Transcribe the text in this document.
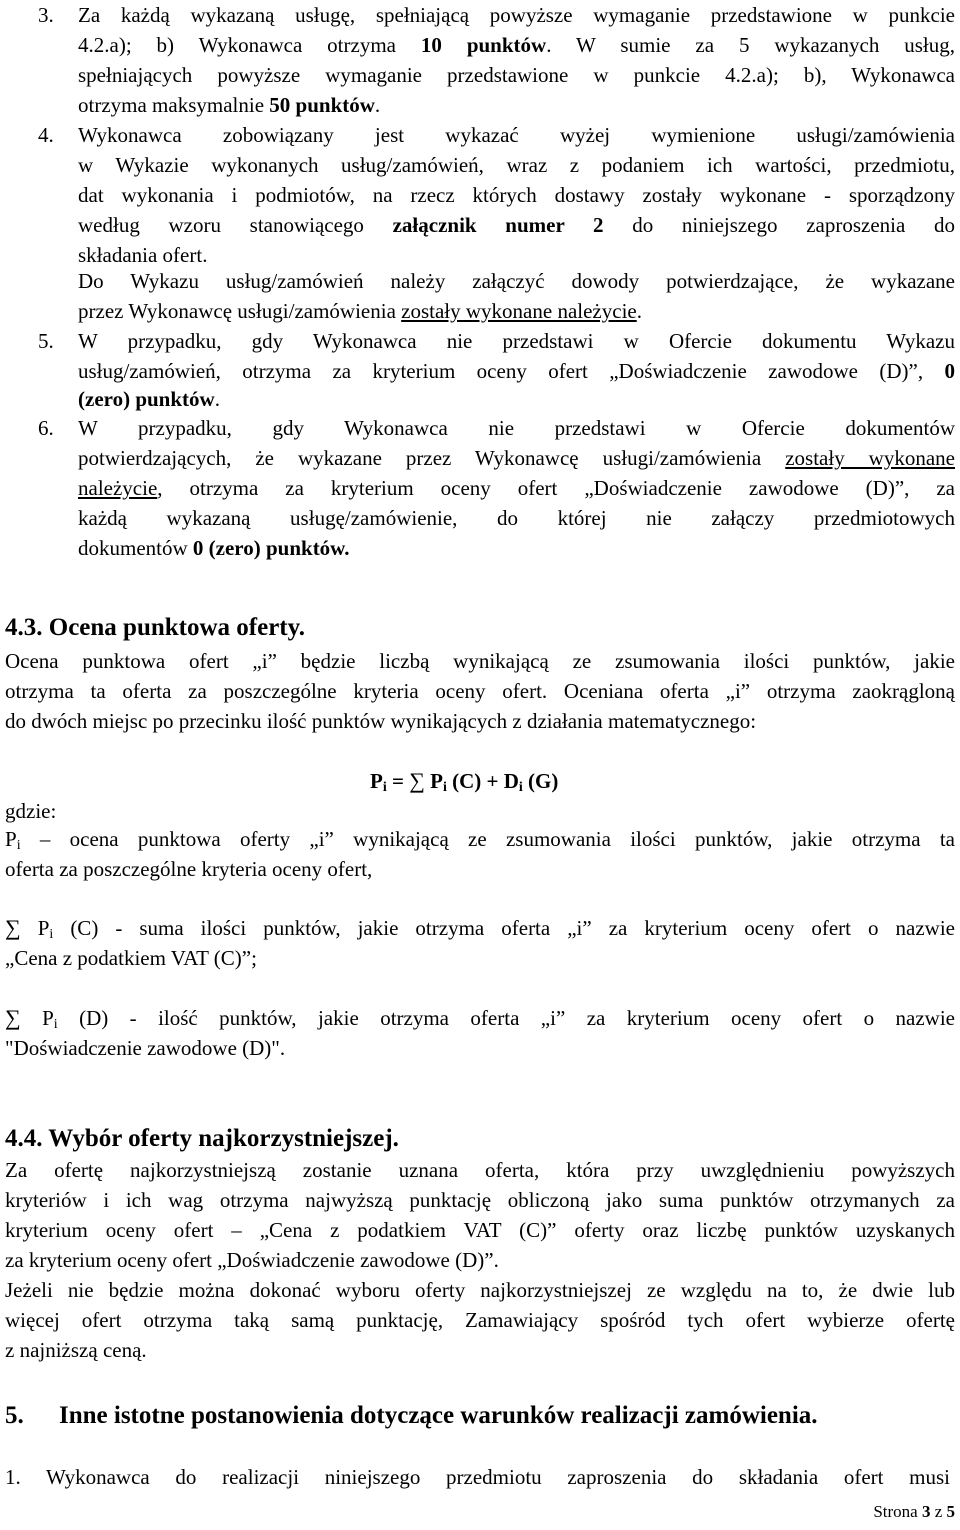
3. Za każdą wykazaną usługę, spełniającą powyższe wymaganie przedstawione w punkcie
4.2.a); b) Wykonawca otrzyma 10 punktów. W sumie za 5 wykazanych usług,
spełniających powyższe wymaganie przedstawione w punkcie 4.2.a); b), Wykonawca
otrzyma maksymalnie 50 punktów.
4. Wykonawca zobowiązany jest wykazać wyżej wymienione usługi/zamówienia
w Wykazie wykonanych usług/zamówień, wraz z podaniem ich wartości, przedmiotu,
dat wykonania i podmiotów, na rzecz których dostawy zostały wykonane - sporządzony
według wzoru stanowiącego załącznik numer 2 do niniejszego zaproszenia do
składania ofert.
Do Wykazu usług/zamówień należy załączyć dowody potwierdzające, że wykazane
przez Wykonawcę usługi/zamówienia zostały wykonane należycie.
5. W przypadku, gdy Wykonawca nie przedstawi w Ofercie dokumentu Wykazu
usług/zamówień, otrzyma za kryterium oceny ofert „Doświadczenie zawodowe (D)”, 0
(zero) punktów.
6. W przypadku, gdy Wykonawca nie przedstawi w Ofercie dokumentów
potwierdzających, że wykazane przez Wykonawcę usługi/zamówienia zostały wykonane
należycie, otrzyma za kryterium oceny ofert „Doświadczenie zawodowe (D)”, za
każdą wykazaną usługę/zamówienie, do której nie załączy przedmiotowych
dokumentów 0 (zero) punktów.
4.3. Ocena punktowa oferty.
Ocena punktowa ofert „i” będzie liczbą wynikającą ze zsumowania ilości punktów, jakie
otrzyma ta oferta za poszczególne kryteria oceny ofert. Oceniana oferta „i” otrzyma zaokrągloną
do dwóch miejsc po przecinku ilość punktów wynikających z działania matematycznego:
$P_i$ = ∑ $P_i$ $(C) + D_i$ (G)
gdzie:
$P_i$ – ocena punktowa oferty „i” wynikającą ze zsumowania ilości punktów, jakie otrzyma ta
oferta za poszczególne kryteria oceny ofert,
∑ $P_i$ (C) - suma ilości punktów, jakie otrzyma oferta „i” za kryterium oceny ofert o nazwie
„Cena z podatkiem VAT (C)”;
∑ $P_i$ (D) - ilość punktów, jakie otrzyma oferta „i” za kryterium oceny ofert o nazwie
"Doświadczenie zawodowe (D)".
4.4. Wybór oferty najkorzystniejszej.
Za ofertę najkorzystniejszą zostanie uznana oferta, która przy uwzględnieniu powyższych
kryteriów i ich wag otrzyma najwyższą punktację obliczoną jako suma punktów otrzymanych za
kryterium oceny ofert – „Cena z podatkiem VAT (C)” oferty oraz liczbę punktów uzyskanych
za kryterium oceny ofert „Doświadczenie zawodowe (D)”.
Jeżeli nie będzie można dokonać wyboru oferty najkorzystniejszej ze względu na to, że dwie lub
więcej ofert otrzyma taką samą punktację, Zamawiający spośród tych ofert wybierze ofertę
z najniższą ceną.
5. Inne istotne postanowienia dotyczące warunków realizacji zamówienia.
1. Wykonawca do realizacji niniejszego przedmiotu zaproszenia do składania ofert musi
Strona 3 z 5
